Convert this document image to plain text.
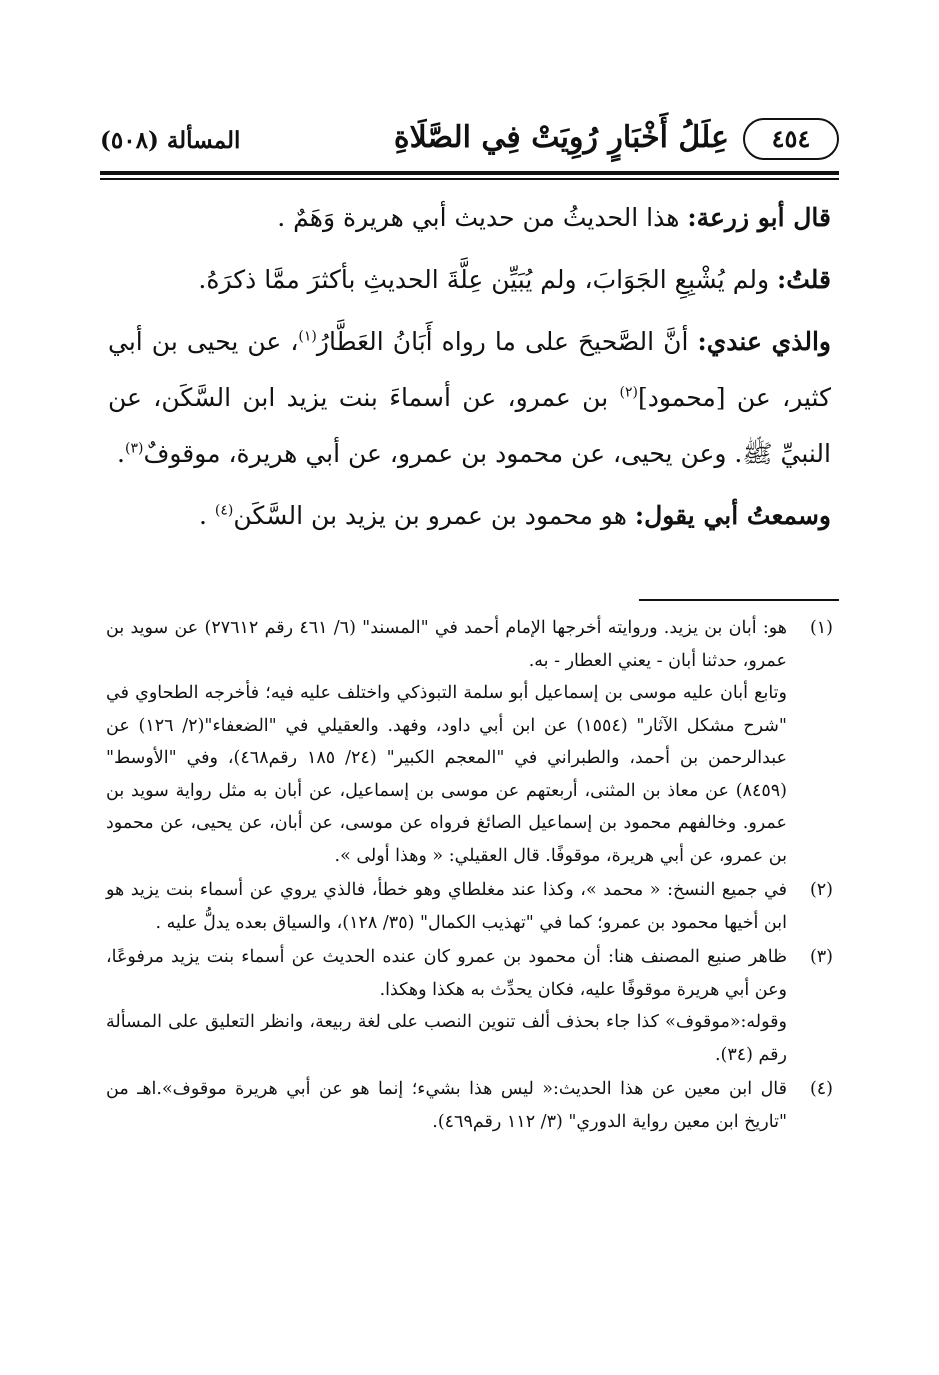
٤٥٤
عِلَلُ أَخْبَارٍ رُوِيَتْ فِي الصَّلَاةِ
المسألة (٥٠٨)

قال أبو زرعة: هذا الحديثُ من حديث أبي هريرة وَهَمٌ .

قلتُ: ولم يُشْبِعِ الجَوَابَ، ولم يُبَيِّن عِلَّةَ الحديثِ بأكثرَ ممَّا ذكرَهُ.

والذي عندي: أنَّ الصَّحيحَ على ما رواه أَبَانُ العَطَّارُ$^{(١)}$، عن يحيى بن أبي كثير، عن [محمود]$^{(٢)}$ بن عمرو، عن أسماءَ بنت يزيد ابن السَّكَن، عن النبيِّ ﷺ. وعن يحيى، عن محمود بن عمرو، عن أبي هريرة، موقوفٌ$^{(٣)}$.

وسمعتُ أبي يقول: هو محمود بن عمرو بن يزيد بن السَّكَن$^{(٤)}$ .

(١)

هو: أبان بن يزيد. وروايته أخرجها الإمام أحمد في "المسند" (٦/ ٤٦١ رقم ٢٧٦١٢) عن سويد بن عمرو، حدثنا أبان - يعني العطار - به.

وتابع أبان عليه موسى بن إسماعيل أبو سلمة التبوذكي واختلف عليه فيه؛ فأخرجه الطحاوي في "شرح مشكل الآثار" (١٥٥٤) عن ابن أبي داود، وفهد. والعقيلي في "الضعفاء"(٢/ ١٢٦) عن عبدالرحمن بن أحمد، والطبراني في "المعجم الكبير" (٢٤/ ١٨٥ رقم٤٦٨)، وفي "الأوسط" (٨٤٥٩) عن معاذ بن المثنى، أربعتهم عن موسى بن إسماعيل، عن أبان به مثل رواية سويد بن عمرو. وخالفهم محمود بن إسماعيل الصائغ فرواه عن موسى، عن أبان، عن يحيى، عن محمود بن عمرو، عن أبي هريرة، موقوفًا. قال العقيلي: « وهذا أولى ».

(٢)

في جميع النسخ: « محمد »، وكذا عند مغلطاي وهو خطأ، فالذي يروي عن أسماء بنت يزيد هو ابن أخيها محمود بن عمرو؛ كما في "تهذيب الكمال" (٣٥/ ١٢٨)، والسياق بعده يدلُّ عليه .

(٣)

ظاهر صنيع المصنف هنا: أن محمود بن عمرو كان عنده الحديث عن أسماء بنت يزيد مرفوعًا، وعن أبي هريرة موقوفًا عليه، فكان يحدِّث به هكذا وهكذا.

وقوله:«موقوف» كذا جاء بحذف ألف تنوين النصب على لغة ربيعة، وانظر التعليق على المسألة رقم (٣٤).

(٤)

قال ابن معين عن هذا الحديث:« ليس هذا بشيء؛ إنما هو عن أبي هريرة موقوف».اهـ من "تاريخ ابن معين رواية الدوري" (٣/ ١١٢ رقم٤٦٩).
